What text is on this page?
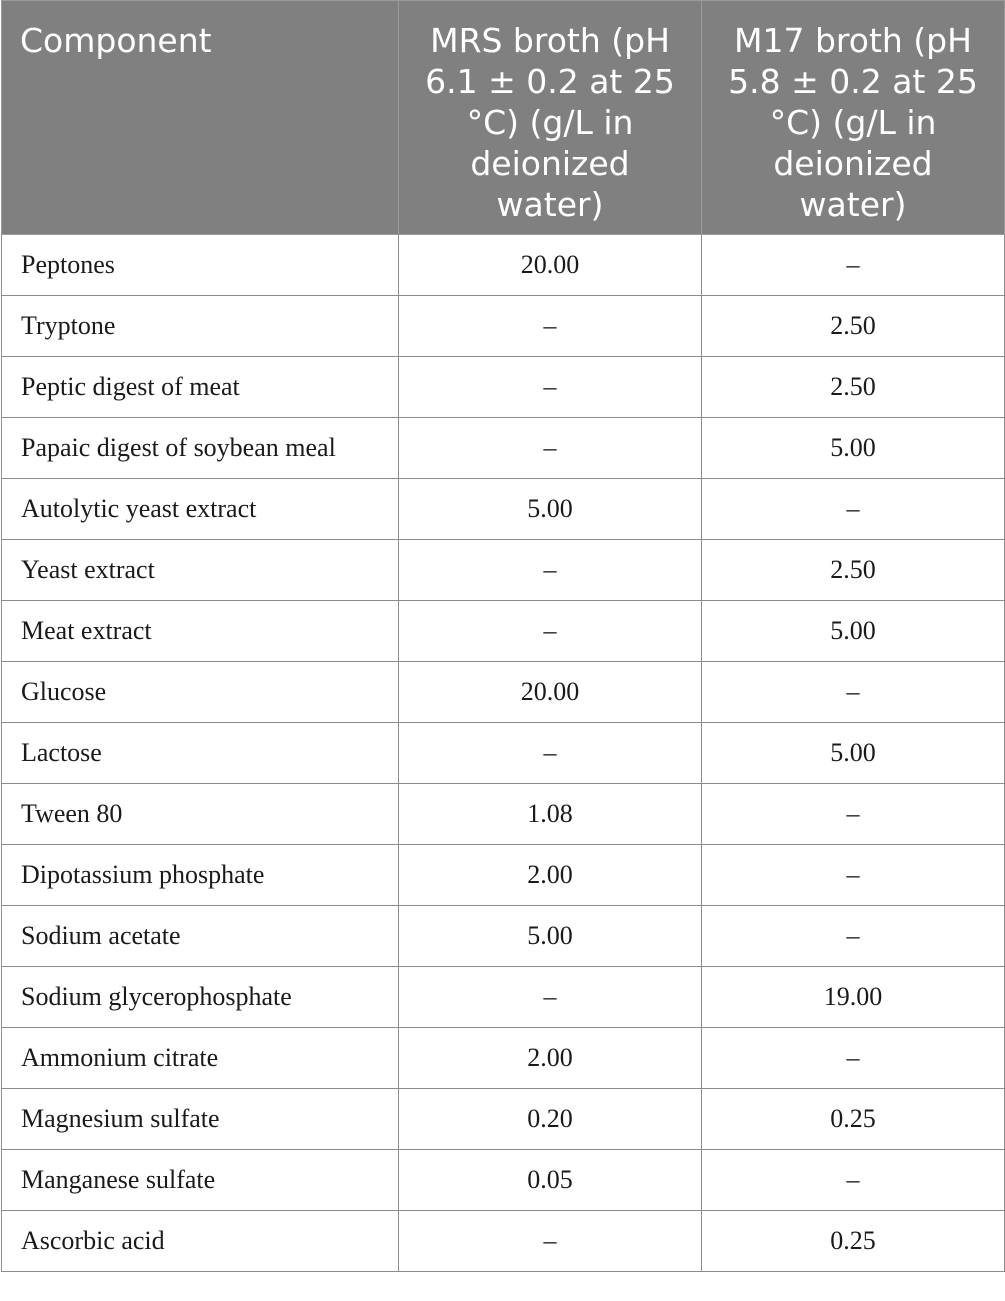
Component	MRS broth (pH
6.1 ± 0.2 at 25
°C) (g/L in
deionized
water)	M17 broth (pH
5.8 ± 0.2 at 25
°C) (g/L in
deionized
water)

Peptones	20.00	–
Tryptone	–	2.50
Peptic digest of meat	–	2.50
Papaic digest of soybean meal	–	5.00
Autolytic yeast extract	5.00	–
Yeast extract	–	2.50
Meat extract	–	5.00
Glucose	20.00	–
Lactose	–	5.00
Tween 80	1.08	–
Dipotassium phosphate	2.00	–
Sodium acetate	5.00	–
Sodium glycerophosphate	–	19.00
Ammonium citrate	2.00	–
Magnesium sulfate	0.20	0.25
Manganese sulfate	0.05	–
Ascorbic acid	–	0.25
